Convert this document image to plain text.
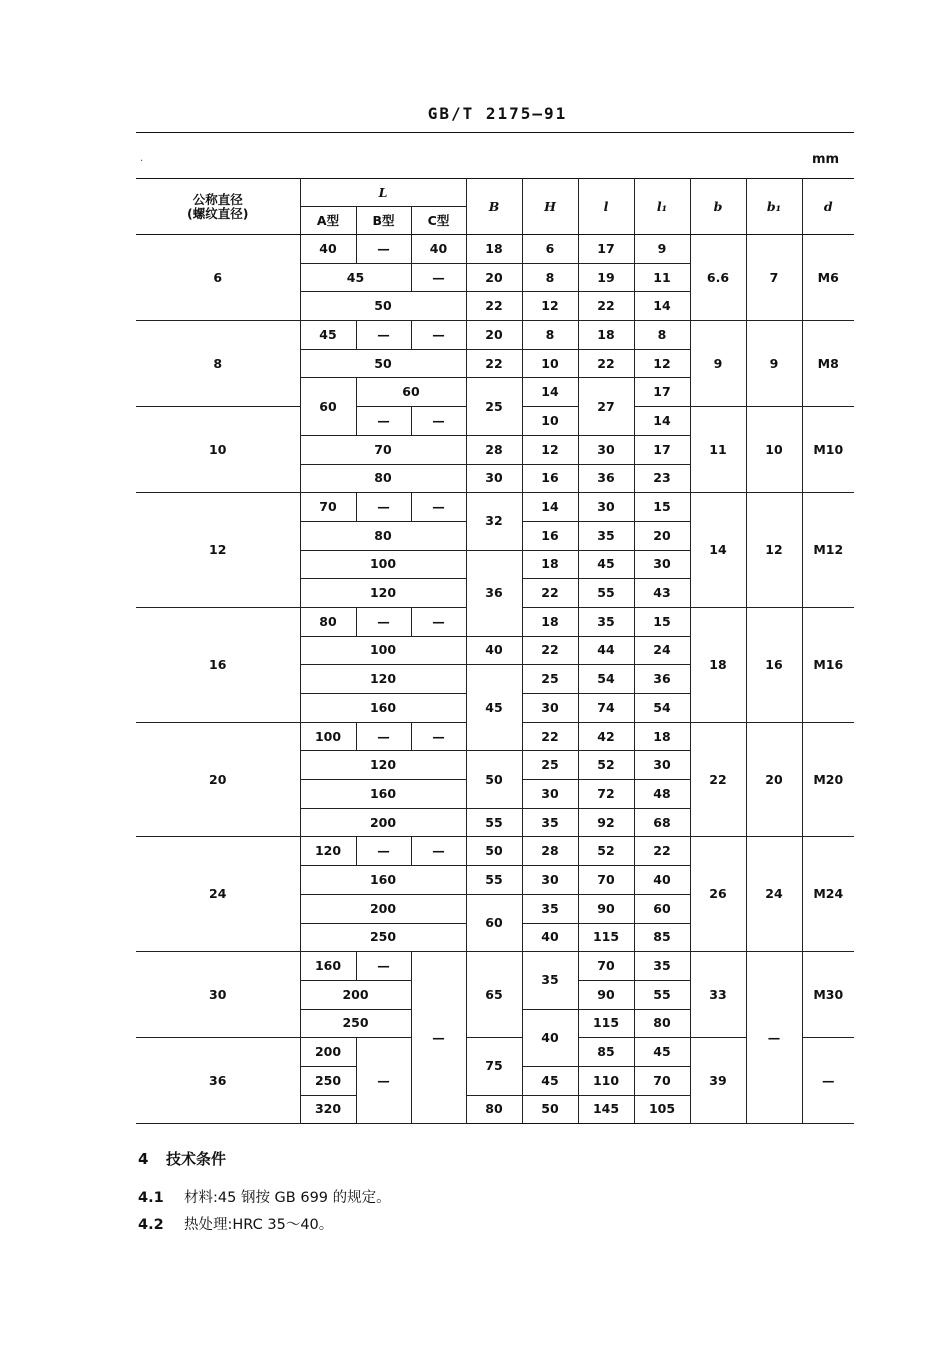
GB/T 2175—91
·	mm
公称直径
(螺纹直径)	L			B	H	l	l₁	b	b₁	d
	A型	B型	C型							
6	40	—	40	18	6	17	9	6.6	7	M6
	45		—	20	8	19	11			
	50			22	12	22	14			
8	45	—	—	20	8	18	8	9	9	M8
	50			22	10	22	12			
	60	60		25	14	27	17			
10		—	—		10		14	11	10	M10
	70			28	12	30	17			
	80			30	16	36	23			
12	70	—	—	32	14	30	15	14	12	M12
	80				16	35	20			
	100			36	18	45	30			
	120				22	55	43			
16	80	—	—		18	35	15	18	16	M16
	100			40	22	44	24			
	120			45	25	54	36			
	160				30	74	54			
20	100	—	—		22	42	18	22	20	M20
	120			50	25	52	30			
	160				30	72	48			
	200			55	35	92	68			
24	120	—	—	50	28	52	22	26	24	M24
	160			55	30	70	40			
	200			60	35	90	60			
	250				40	115	85			
30	160	—	—	65	35	70	35	33	—	M30
	200					90	55			
	250				40	115	80			
36	200	—		75		85	45	39		—
	250				45	110	70			
	320			80	50	145	105			
4 技术条件
4.1 材料:45 钢按 GB 699 的规定。
4.2 热处理:HRC 35～40。
